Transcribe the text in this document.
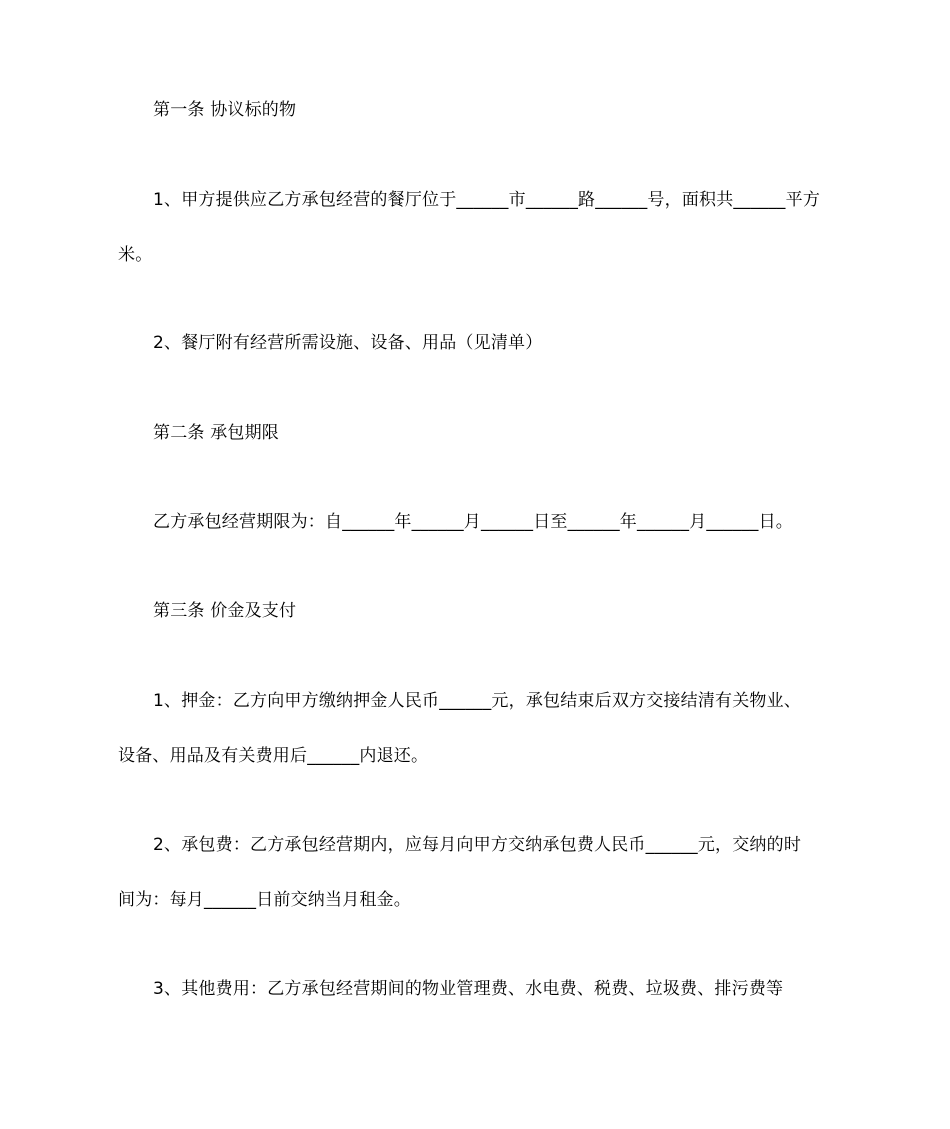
第一条 协议标的物
1、甲方提供应乙方承包经营的餐厅位于______市______路______号，面积共______平方
米。
2、餐厅附有经营所需设施、设备、用品（见清单）
第二条 承包期限
乙方承包经营期限为：自______年______月______日至______年______月______日。
第三条 价金及支付
1、押金：乙方向甲方缴纳押金人民币______元，承包结束后双方交接结清有关物业、
设备、用品及有关费用后______内退还。
2、承包费：乙方承包经营期内，应每月向甲方交纳承包费人民币______元，交纳的时
间为：每月______日前交纳当月租金。
3、其他费用：乙方承包经营期间的物业管理费、水电费、税费、垃圾费、排污费等
